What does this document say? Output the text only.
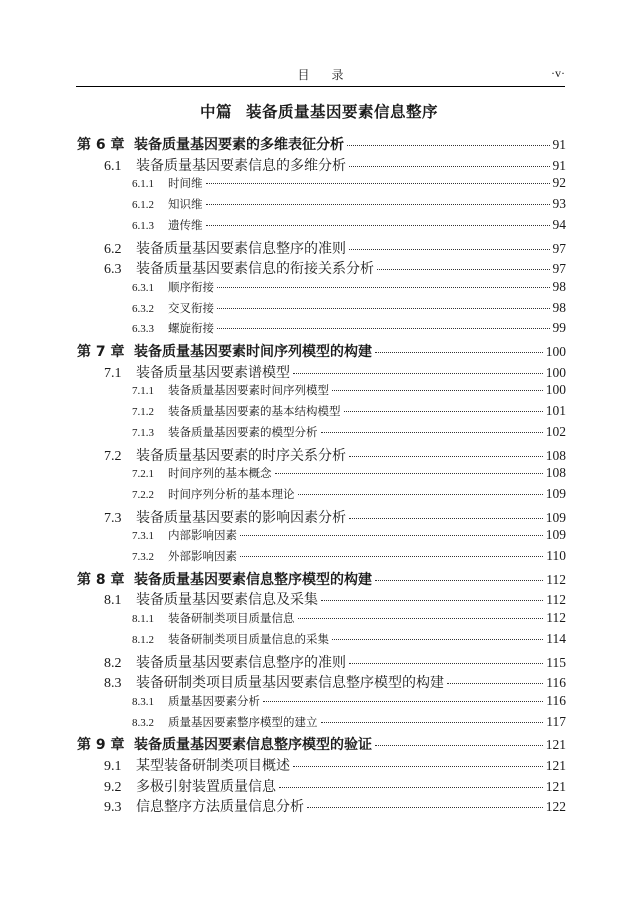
目录	·v·
中篇 装备质量基因要素信息整序
第 6 章 装备质量基因要素的多维表征分析	91
6.1	装备质量基因要素信息的多维分析	91
6.1.1	时间维	92
6.1.2	知识维	93
6.1.3	遗传维	94
6.2	装备质量基因要素信息整序的准则	97
6.3	装备质量基因要素信息的衔接关系分析	97
6.3.1	顺序衔接	98
6.3.2	交叉衔接	98
6.3.3	螺旋衔接	99
第 7 章 装备质量基因要素时间序列模型的构建	100
7.1	装备质量基因要素谱模型	100
7.1.1	装备质量基因要素时间序列模型	100
7.1.2	装备质量基因要素的基本结构模型	101
7.1.3	装备质量基因要素的模型分析	102
7.2	装备质量基因要素的时序关系分析	108
7.2.1	时间序列的基本概念	108
7.2.2	时间序列分析的基本理论	109
7.3	装备质量基因要素的影响因素分析	109
7.3.1	内部影响因素	109
7.3.2	外部影响因素	110
第 8 章 装备质量基因要素信息整序模型的构建	112
8.1	装备质量基因要素信息及采集	112
8.1.1	装备研制类项目质量信息	112
8.1.2	装备研制类项目质量信息的采集	114
8.2	装备质量基因要素信息整序的准则	115
8.3	装备研制类项目质量基因要素信息整序模型的构建	116
8.3.1	质量基因要素分析	116
8.3.2	质量基因要素整序模型的建立	117
第 9 章 装备质量基因要素信息整序模型的验证	121
9.1	某型装备研制类项目概述	121
9.2	多极引射装置质量信息	121
9.3	信息整序方法质量信息分析	122
